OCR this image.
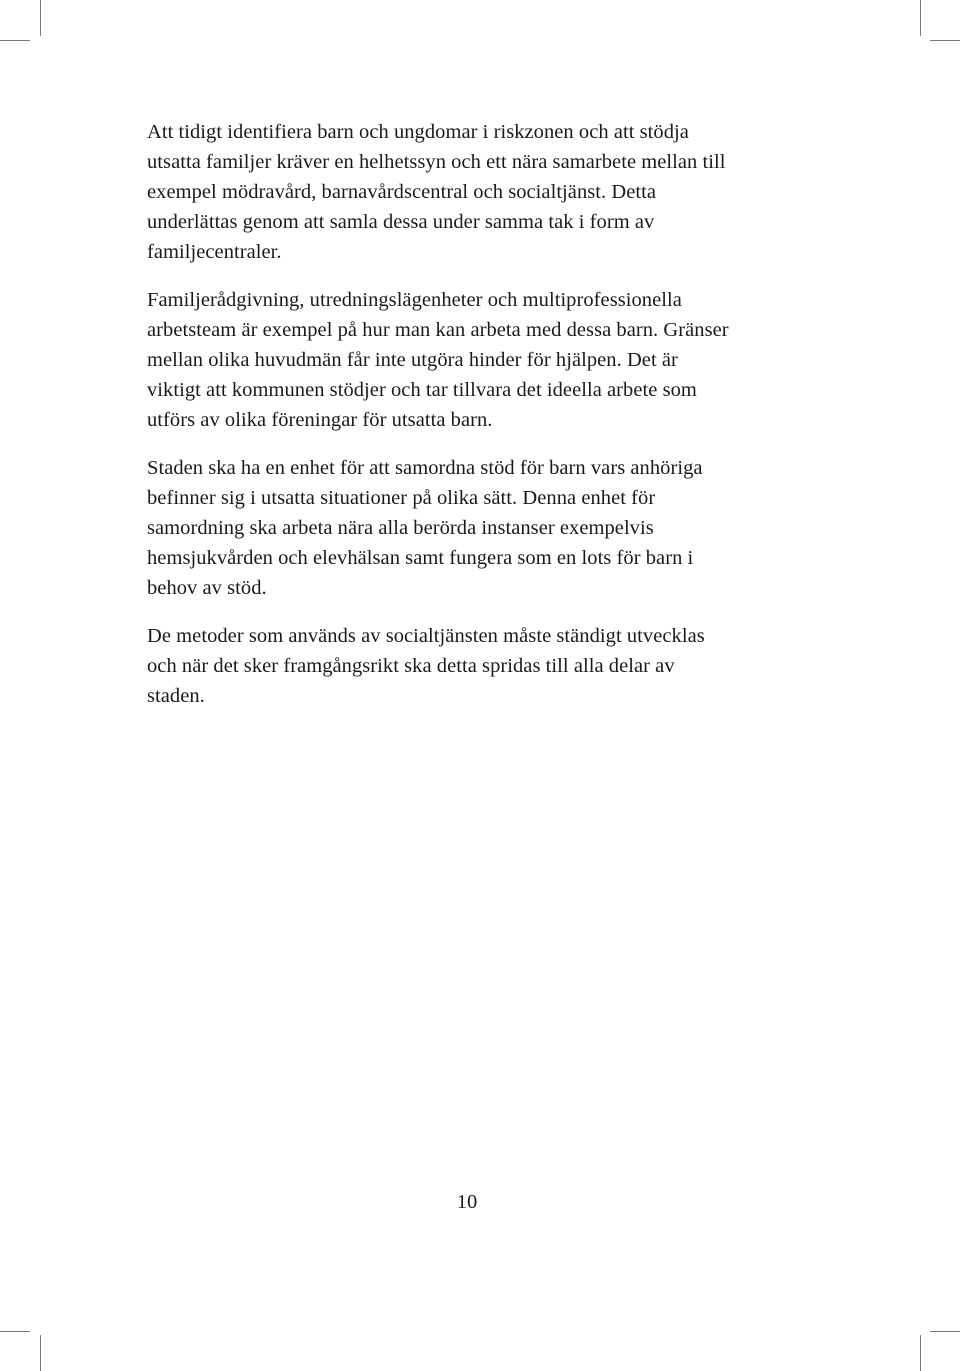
Att tidigt identifiera barn och ungdomar i riskzonen och att stödja
utsatta familjer kräver en helhetssyn och ett nära samarbete mellan till
exempel mödravård, barnavårdscentral och socialtjänst. Detta
underlättas genom att samla dessa under samma tak i form av
familjecentraler.

Familjerådgivning, utredningslägenheter och multiprofessionella
arbetsteam är exempel på hur man kan arbeta med dessa barn. Gränser
mellan olika huvudmän får inte utgöra hinder för hjälpen. Det är
viktigt att kommunen stödjer och tar tillvara det ideella arbete som
utförs av olika föreningar för utsatta barn.

Staden ska ha en enhet för att samordna stöd för barn vars anhöriga
befinner sig i utsatta situationer på olika sätt. Denna enhet för
samordning ska arbeta nära alla berörda instanser exempelvis
hemsjukvården och elevhälsan samt fungera som en lots för barn i
behov av stöd.

De metoder som används av socialtjänsten måste ständigt utvecklas
och när det sker framgångsrikt ska detta spridas till alla delar av
staden.

10
